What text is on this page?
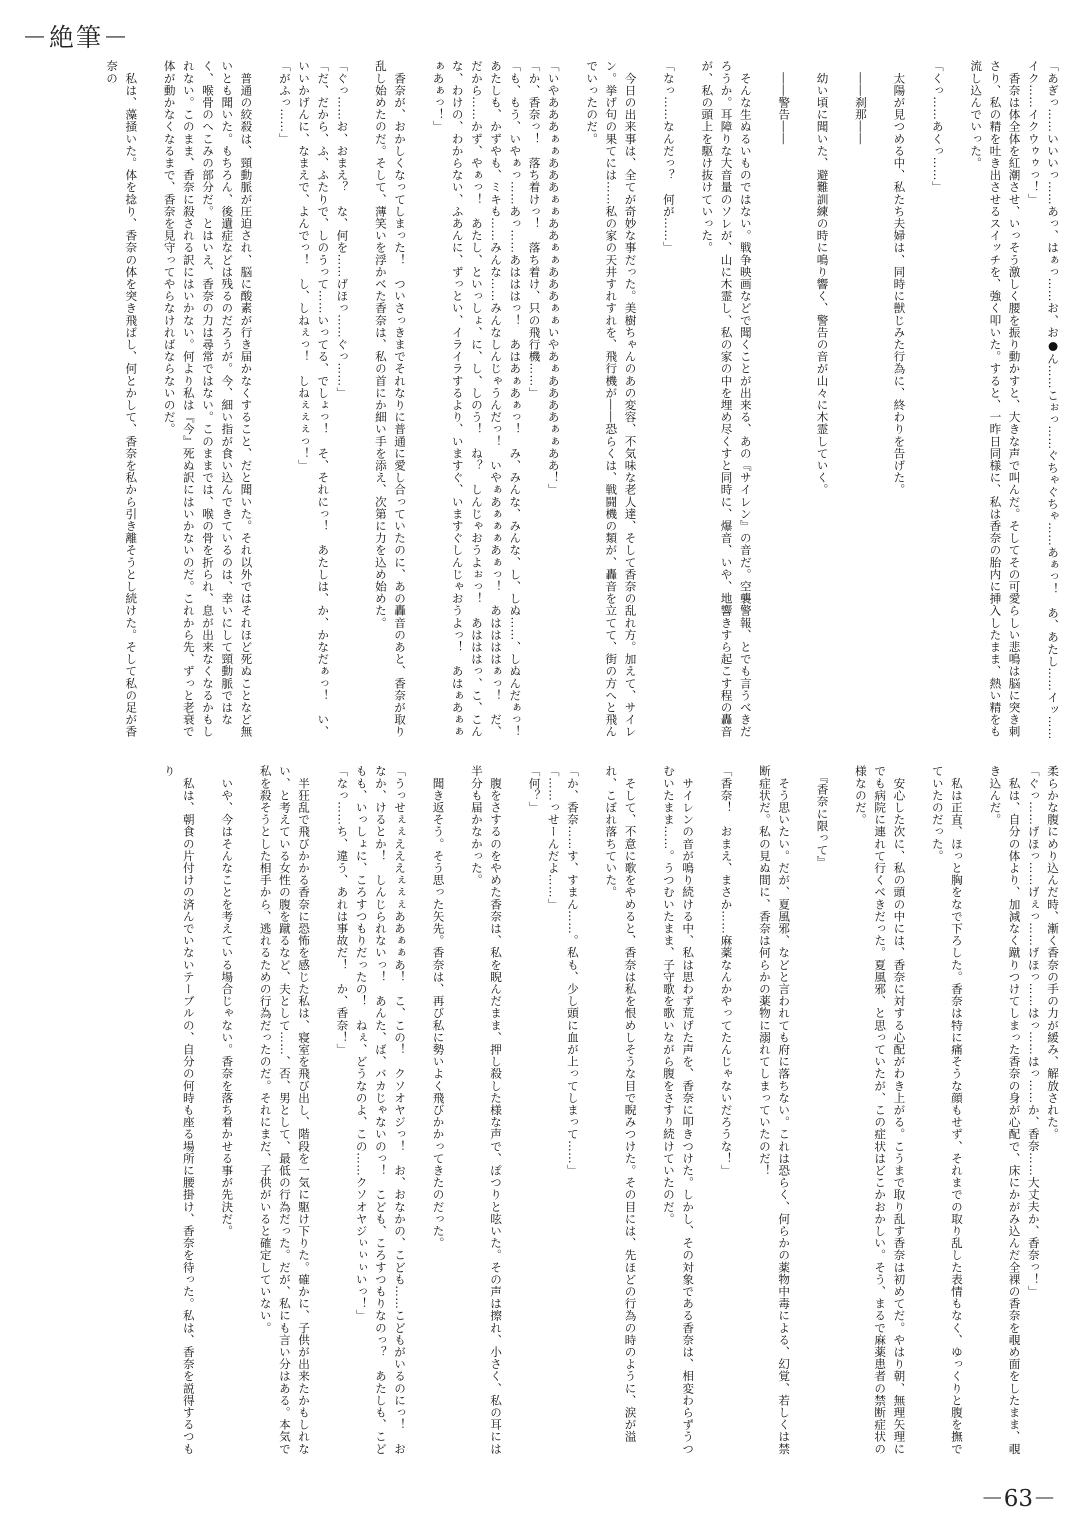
－絶筆－

「あぎっ……いいいっ……あっ、はぁっ……お、お●ん……こぉっ……ぐちゃぐちゃ……あぁっ！　あ、あたし……イッ……イク……イクウゥゥっ！」

　香奈は体全体を紅潮させ、いっそう激しく腰を振り動かすと、大きな声で叫んだ。そしてその可愛らしい悲鳴は脳に突き刺さり、私の精を吐き出させるスイッチを、強く叩いた。すると、一昨日同様に、私は香奈の胎内に挿入したまま、熱い精をも流し込んでいった。

「くっ……あくっ……」

　太陽が見つめる中、私たち夫婦は、同時に獣じみた行為に、終わりを告げた。

　――刹那――

　幼い頃に聞いた、避難訓練の時に鳴り響く、警告の音が山々に木霊していく。

　――警告――

　そんな生ぬるいものではない。戦争映画などで聞くことが出来る、あの『サイレン』の音だ。空襲警報、とでも言うべきだろうか。耳障りな大音量のソレが、山に木霊し、私の家の中を埋め尽くすと同時に、爆音、いや、地響きすら起こす程の轟音が、私の頭上を駆け抜けていった。

「なっ……なんだっ？　何が……」

　今日の出来事は、全てが奇妙な事だった。美樹ちゃんのあの変容、不気味な老人達、そして香奈の乱れ方。加えて、サイレン。挙げ句の果てには……私の家の天井すれすれを、飛行機が――恐らくは、戦闘機の類が、轟音を立てて、街の方へと飛んでいったのだ。

「いやあああぁぁあああぁぁああぁぁあああぁぁいやあぁああああぁぁああ！」

「か、香奈っ！　落ち着けっ！　落ち着け、只の飛行機……」

「も、もう、いやぁっ……あっ……あはははっ！　あはあぁあぁっ！　み、みんな、みんな、し、しぬ……、しぬんだぁっ！　あたしも、かずやも、ミキも……みんな……みんなしんじゃうんだっ！　いやぁあぁぁぁあぁっ！　あははははぁっ！　だ、だから……かず、やぁっ！　あたし、といっしょ、に、し、しのう！　ね？　しんじゃおうよぉっ！　あはははっ、こ、こんな、わけの、わからない、ふあんに、ずっとい、イライラするより、いますぐ、いますぐしんじゃおうよっ！　あはぁあぁぁぁあぁっ！」

　香奈が、おかしくなってしまった！　ついさっきまでそれなりに普通に愛し合っていたのに、あの轟音のあと、香奈が取り乱し始めたのだ。そして、薄笑いを浮かべた香奈は、私の首にか細い手を添え、次第に力を込め始めた。

「ぐっ……お、おまえ？　な、何を……げほっ……ぐっ……」

「だ、だから、ふ、ふたりで、しのうって……いってる、でしょっ！　そ、それにっ！　あたしは、か、かなだぁっ！　い、いいかげんに、なまえで、よんでっ！　し、しねぇっ！　しねぇぇぇっ！」

「がふっ……」

　普通の絞殺は、頸動脈が圧迫され、脳に酸素が行き届かなくすること、だと聞いた。それ以外ではそれほど死ぬことなど無いとも聞いた。もちろん、後遺症などは残るのだろうが。今、細い指が食い込んできているのは、幸いにして頸動脈ではなく、喉骨のへこみの部分だ。とはいえ、香奈の力は尋常ではない。このままでは、喉の骨を折られ、息が出来なくなるかもしれない。このまま、香奈に殺される訳にはいかない。何より私は『今』死ぬ訳にはいかないのだ。これから先、ずっと老衰で体が動かなくなるまで、香奈を見守ってやらなければならないのだ。

　私は、藻掻いた。体を捻り、香奈の体を突き飛ばし、何とかして、香奈を私から引き離そうとし続けた。そして私の足が香奈の

柔らかな腹にめり込んだ時、漸く香奈の手の力が緩み、解放された。

「ぐっ……げほっ……げぇっ……げほっ……はっ……はっ……か、香奈……大丈夫か、香奈っ！」

　私は、自分の体より、加減なく蹴りつけてしまった香奈の身が心配で、床にかがみ込んだ全裸の香奈を覗め面をしたまま、覗き込んだ。

　私は正直、ほっと胸をなで下ろした。香奈は特に痛そうな顔もせず、それまでの取り乱した表情もなく、ゆっくりと腹を撫でていたのだった。

　安心した次に、私の頭の中には、香奈に対する心配がわき上がる。こうまで取り乱す香奈は初めてだ。やはり朝、無理矢理にでも病院に連れて行くべきだった。夏風邪、と思っていたが、この症状はどこかおかしい。そう、まるで麻薬患者の禁断症状の様なのだ。

　『香奈に限って』

　そう思いたい。だが、夏風邪、などと言われても府に落ちない。これは恐らく、何らかの薬物中毒による、幻覚、若しくは禁断症状だ。私の見ぬ間に、香奈は何らかの薬物に溺れてしまっていたのだ！

「香奈！　おまえ、まさか……麻薬なんかやってたんじゃないだろうな！」

　サイレンの音が鳴り続ける中、私は思わず荒げた声を、香奈に叩きつけた。しかし、その対象である香奈は、相変わらずうつむいたまま……。うつむいたまま、子守歌を歌いながら腹をさすり続けていたのだ。

　そして、不意に歌をやめると、香奈は私を恨めしそうな目で睨みつけた。その目には、先ほどの行為の時のように、涙が溢れ、こぼれ落ちていた。

「か、香奈……す、すまん……。私も、少し頭に血が上ってしまって……」

「……っせーんだよ……」

「何？」

　腹をさするのをやめた香奈は、私を睨んだまま、押し殺した様な声で、ぽつりと呟いた。その声は擦れ、小さく、私の耳には半分も届かなかった。

　聞き返そう。そう思った矢先。香奈は、再び私に勢いよく飛びかかってきたのだった。

「うっせぇぇえええぇぇぇああぁぁあ！　こ、この！　クソオヤジっ！　お、おなかの、こども……こどもがいるのにっ！　おなか、けるとか！　しんじられないっ！　あんた、ば、バカじゃないのっ！　こども、ころすつもりなのっ？　あたしも、こどもも、いっしょに、ころすつもりだったの！　ねぇ、どうなのよ、この……クソオヤジぃぃぃいっ！」

「なっ……ち、違う、あれは事故だ！　か、香奈！」

　半狂乱で飛びかかる香奈に恐怖を感じた私は、寝室を飛び出し、階段を一気に駆け下りた。確かに、子供が出来たかもしれない、と考えている女性の腹を蹴るなど、夫として……、否、男として、最低の行為だった。だが、私にも言い分はある。本気で私を殺そうとした相手から、逃れるための行為だったのだ。それにまだ、子供がいると確定していない。

　いや、今はそんなことを考えている場合じゃない。香奈を落ち着かせる事が先決だ。

　私は、朝食の片付けの済んでいないテーブルの、自分の何時も座る場所に腰掛け、香奈を待った。私は、香奈を説得するつもり

－63－
